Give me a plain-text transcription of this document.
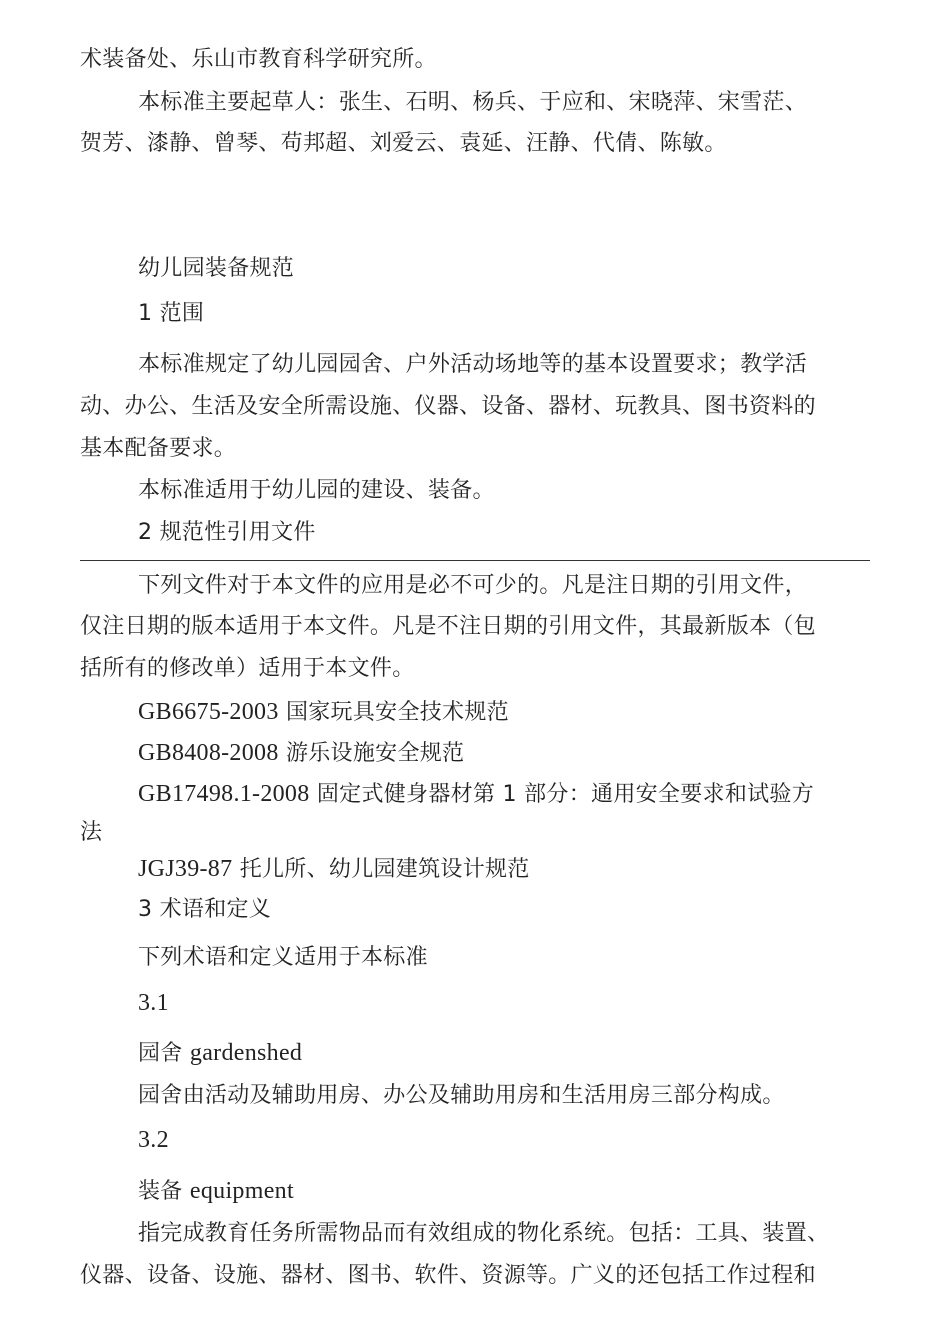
术装备处、乐山市教育科学研究所。
本标准主要起草人：张生、石明、杨兵、于应和、宋晓萍、宋雪茫、
贺芳、漆静、曾琴、苟邦超、刘爱云、袁延、汪静、代倩、陈敏。
幼儿园装备规范
1 范围
本标准规定了幼儿园园舍、户外活动场地等的基本设置要求；教学活
动、办公、生活及安全所需设施、仪器、设备、器材、玩教具、图书资料的
基本配备要求。
本标准适用于幼儿园的建设、装备。
2 规范性引用文件
下列文件对于本文件的应用是必不可少的。凡是注日期的引用文件，
仅注日期的版本适用于本文件。凡是不注日期的引用文件，其最新版本（包
括所有的修改单）适用于本文件。
GB6675-2003 国家玩具安全技术规范
GB8408-2008 游乐设施安全规范
GB17498.1-2008 固定式健身器材第 1 部分：通用安全要求和试验方
法
JGJ39-87 托儿所、幼儿园建筑设计规范
3 术语和定义
下列术语和定义适用于本标准
3.1
园舍 gardenshed
园舍由活动及辅助用房、办公及辅助用房和生活用房三部分构成。
3.2
装备 equipment
指完成教育任务所需物品而有效组成的物化系统。包括：工具、装置、
仪器、设备、设施、器材、图书、软件、资源等。广义的还包括工作过程和
